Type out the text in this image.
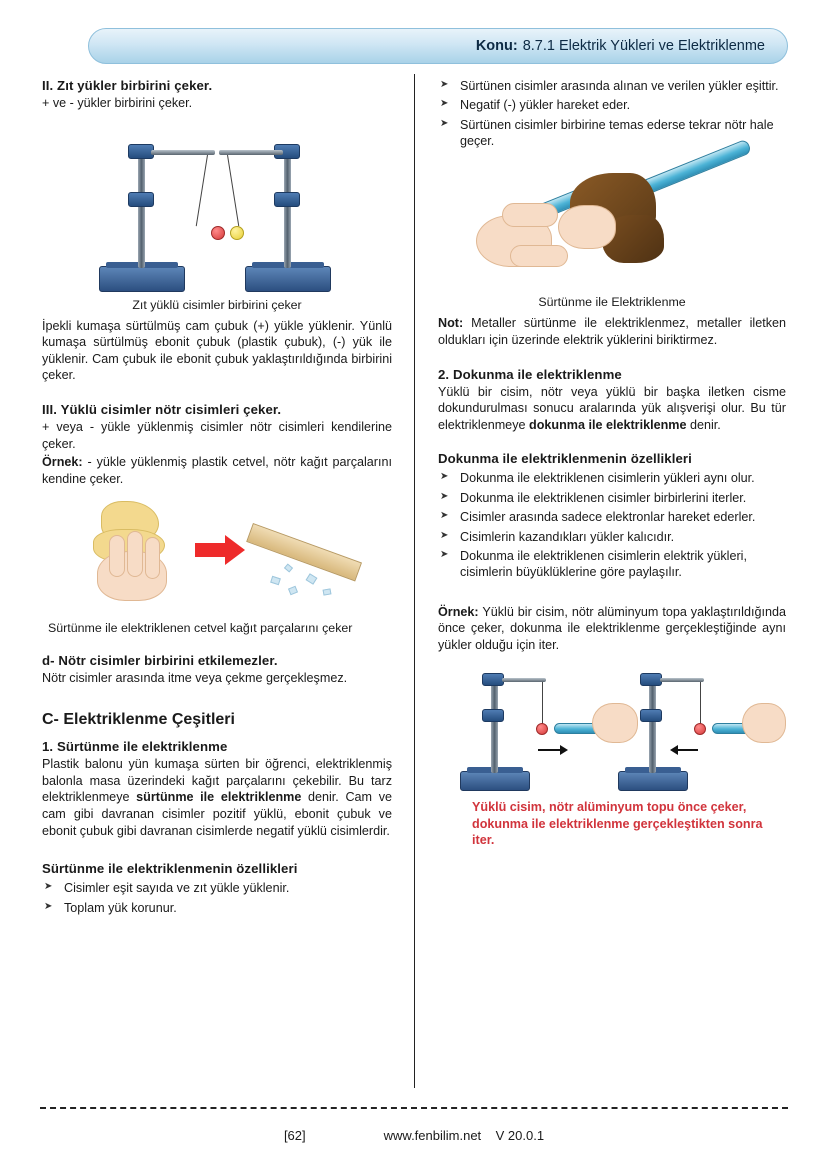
Konu: 8.7.1 Elektrik Yükleri ve Elektriklenme
II. Zıt yükler birbirini çeker.

+ ve - yükler birbirini çeker.

Zıt yüklü cisimler birbirini çeker

İpekli kumaşa sürtülmüş cam çubuk (+) yükle yüklenir. Yünlü kumaşa sürtülmüş ebonit çubuk (plastik çubuk), (-) yük ile yüklenir. Cam çubuk ile ebonit çubuk yaklaştırıldığında birbirini çeker.

III. Yüklü cisimler nötr cisimleri çeker.

+ veya - yükle yüklenmiş cisimler nötr cisimleri kendilerine çeker.

Örnek: - yükle yüklenmiş plastik cetvel, nötr kağıt parçalarını kendine çeker.

Sürtünme ile elektriklenen cetvel kağıt parçalarını çeker
d- Nötr cisimler birbirini etkilemezler.

Nötr cisimler arasında itme veya çekme gerçekleşmez.

C- Elektriklenme Çeşitleri
1. Sürtünme ile elektriklenme

Plastik balonu yün kumaşa sürten bir öğrenci, elektriklenmiş balonla masa üzerindeki kağıt parçalarını çekebilir. Bu tarz elektriklenmeye sürtünme ile elektriklenme denir. Cam ve cam gibi davranan cisimler pozitif yüklü, ebonit çubuk ve ebonit çubuk gibi davranan cisimlerde negatif yüklü cisimlerdir.

Sürtünme ile elektriklenmenin özellikleri
➤ Cisimler eşit sayıda ve zıt yükle yüklenir.
➤ Toplam yük korunur.
➤ Sürtünen cisimler arasında alınan ve verilen yükler eşittir.
➤ Negatif (-) yükler hareket eder.
➤ Sürtünen cisimler birbirine temas ederse tekrar nötr hale geçer.
Sürtünme ile Elektriklenme

Not: Metaller sürtünme ile elektriklenmez, metaller iletken oldukları için üzerinde elektrik yüklerini biriktirmez.

2. Dokunma ile elektriklenme

Yüklü bir cisim, nötr veya yüklü bir başka iletken cisme dokundurulması sonucu aralarında yük alışverişi olur. Bu tür elektriklenmeye dokunma ile elektriklenme denir.

Dokunma ile elektriklenmenin özellikleri
➤ Dokunma ile elektriklenen cisimlerin yükleri aynı olur.
➤ Dokunma ile elektriklenen cisimler birbirlerini iterler.
➤ Cisimler arasında sadece elektronlar hareket ederler.
➤ Cisimlerin kazandıkları yükler kalıcıdır.
➤ Dokunma ile elektriklenen cisimlerin elektrik yükleri, cisimlerin büyüklüklerine göre paylaşılır.

Örnek: Yüklü bir cisim, nötr alüminyum topa yaklaştırıldığında önce çeker, dokunma ile elektriklenme gerçekleştiğinde aynı yükler olduğu için iter.

Yüklü cisim, nötr alüminyum topu önce çeker, dokunma ile elektriklenme gerçekleştikten sonra iter.
[62]	www.fenbilim.net V 20.0.1
